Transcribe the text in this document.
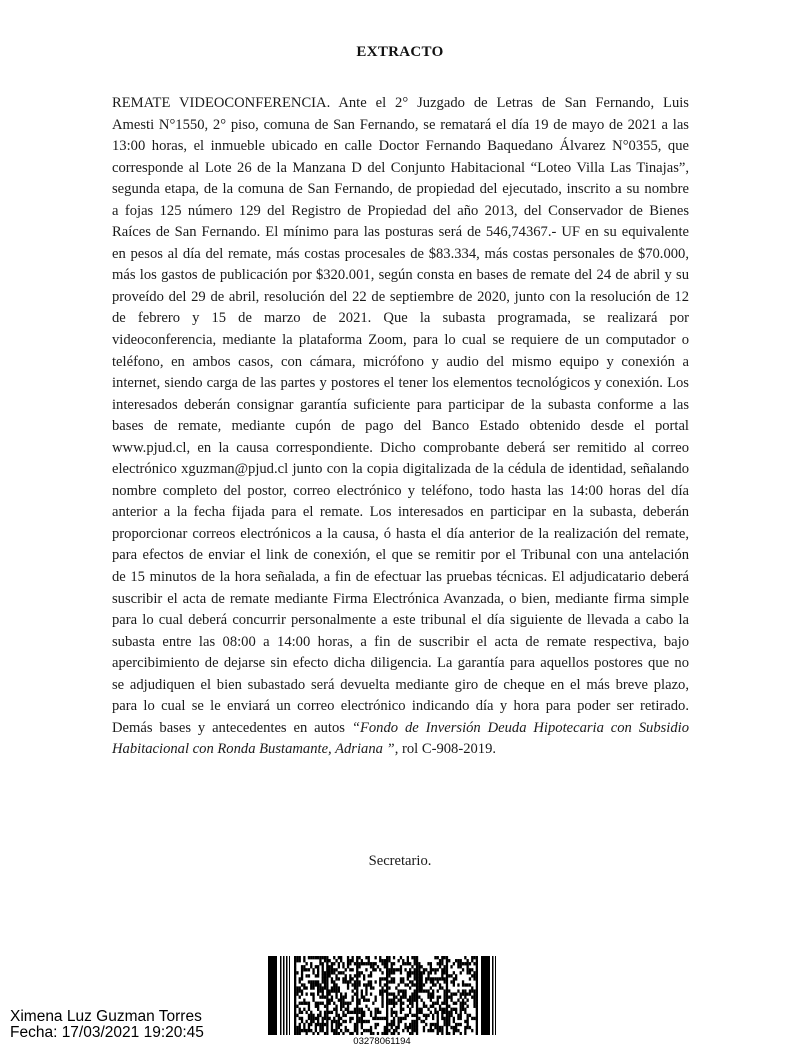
EXTRACTO
REMATE VIDEOCONFERENCIA. Ante el 2° Juzgado de Letras de San Fernando, Luis
Amesti N°1550, 2° piso, comuna de San Fernando, se rematará el día 19 de mayo de 2021 a las
13:00 horas, el inmueble ubicado en calle Doctor Fernando Baquedano Álvarez N°0355, que
corresponde al Lote 26 de la Manzana D del Conjunto Habitacional “Loteo Villa Las Tinajas”,
segunda etapa, de la comuna de San Fernando, de propiedad del ejecutado, inscrito a su nombre
a fojas 125 número 129 del Registro de Propiedad del año 2013, del Conservador de Bienes
Raíces de San Fernando. El mínimo para las posturas será de 546,74367.- UF en su equivalente
en pesos al día del remate, más costas procesales de $83.334, más costas personales de $70.000,
más los gastos de publicación por $320.001, según consta en bases de remate del 24 de abril y su
proveído del 29 de abril, resolución del 22 de septiembre de 2020, junto con la resolución de 12
de febrero y 15 de marzo de 2021. Que la subasta programada, se realizará por
videoconferencia, mediante la plataforma Zoom, para lo cual se requiere de un computador o
teléfono, en ambos casos, con cámara, micrófono y audio del mismo equipo y conexión a
internet, siendo carga de las partes y postores el tener los elementos tecnológicos y conexión. Los
interesados deberán consignar garantía suficiente para participar de la subasta conforme a las
bases de remate, mediante cupón de pago del Banco Estado obtenido desde el portal
www.pjud.cl, en la causa correspondiente. Dicho comprobante deberá ser remitido al correo
electrónico xguzman@pjud.cl junto con la copia digitalizada de la cédula de identidad, señalando
nombre completo del postor, correo electrónico y teléfono, todo hasta las 14:00 horas del día
anterior a la fecha fijada para el remate. Los interesados en participar en la subasta, deberán
proporcionar correos electrónicos a la causa, ó hasta el día anterior de la realización del remate,
para efectos de enviar el link de conexión, el que se remitir por el Tribunal con una antelación
de 15 minutos de la hora señalada, a fin de efectuar las pruebas técnicas. El adjudicatario deberá
suscribir el acta de remate mediante Firma Electrónica Avanzada, o bien, mediante firma simple
para lo cual deberá concurrir personalmente a este tribunal el día siguiente de llevada a cabo la
subasta entre las 08:00 a 14:00 horas, a fin de suscribir el acta de remate respectiva, bajo
apercibimiento de dejarse sin efecto dicha diligencia. La garantía para aquellos postores que no
se adjudiquen el bien subastado será devuelta mediante giro de cheque en el más breve plazo,
para lo cual se le enviará un correo electrónico indicando día y hora para poder ser retirado.
Demás bases y antecedentes en autos “Fondo de Inversión Deuda Hipotecaria con Subsidio
Habitacional con Ronda Bustamante, Adriana ”, rol C-908-2019.
Secretario.
Ximena Luz Guzman Torres
Fecha: 17/03/2021 19:20:45
03278061194
